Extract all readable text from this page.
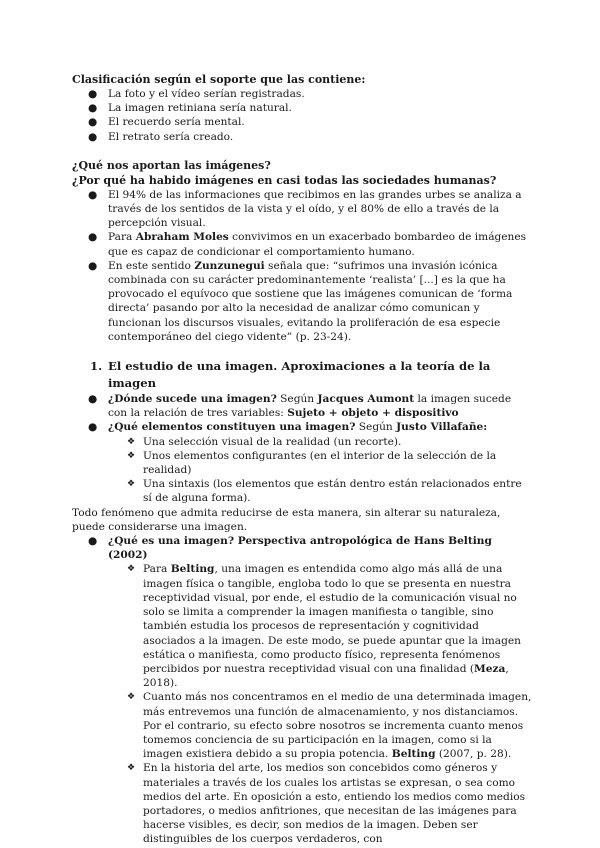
Clasificación según el soporte que las contiene:
● La foto y el vídeo serían registradas.
● La imagen retiniana sería natural.
● El recuerdo sería mental.
● El retrato sería creado.
¿Qué nos aportan las imágenes?
¿Por qué ha habido imágenes en casi todas las sociedades humanas?
● El 94% de las informaciones que recibimos en las grandes urbes se analiza a través de los sentidos de la vista y el oído, y el 80% de ello a través de la percepción visual.
● Para Abraham Moles convivimos en un exacerbado bombardeo de imágenes que es capaz de condicionar el comportamiento humano.
● En este sentido Zunzunegui señala que: “sufrimos una invasión icónica combinada con su carácter predominantemente ‘realista’ [...] es la que ha provocado el equívoco que sostiene que las imágenes comunican de ‘forma directa’ pasando por alto la necesidad de analizar cómo comunican y funcionan los discursos visuales, evitando la proliferación de esa especie contemporáneo del ciego vidente” (p. 23-24).
1. El estudio de una imagen. Aproximaciones a la teoría de la imagen
● ¿Dónde sucede una imagen? Según Jacques Aumont la imagen sucede con la relación de tres variables: Sujeto + objeto + dispositivo
● ¿Qué elementos constituyen una imagen? Según Justo Villafañe:
❖ Una selección visual de la realidad (un recorte).
❖ Unos elementos configurantes (en el interior de la selección de la realidad)
❖ Una sintaxis (los elementos que están dentro están relacionados entre sí de alguna forma).
Todo fenómeno que admita reducirse de esta manera, sin alterar su naturaleza, puede considerarse una imagen.
● ¿Qué es una imagen? Perspectiva antropológica de Hans Belting (2002)
❖ Para Belting, una imagen es entendida como algo más allá de una imagen física o tangible, engloba todo lo que se presenta en nuestra receptividad visual, por ende, el estudio de la comunicación visual no solo se limita a comprender la imagen manifiesta o tangible, sino también estudia los procesos de representación y cognitividad asociados a la imagen. De este modo, se puede apuntar que la imagen estática o manifiesta, como producto físico, representa fenómenos percibidos por nuestra receptividad visual con una finalidad (Meza, 2018).
❖ Cuanto más nos concentramos en el medio de una determinada imagen, más entrevemos una función de almacenamiento, y nos distanciamos. Por el contrario, su efecto sobre nosotros se incrementa cuanto menos tomemos conciencia de su participación en la imagen, como si la imagen existiera debido a su propia potencia. Belting (2007, p. 28).
❖ En la historia del arte, los medios son concebidos como géneros y materiales a través de los cuales los artistas se expresan, o sea como medios del arte. En oposición a esto, entiendo los medios como medios portadores, o medios anfitriones, que necesitan de las imágenes para hacerse visibles, es decir, son medios de la imagen. Deben ser distinguibles de los cuerpos verdaderos, con
